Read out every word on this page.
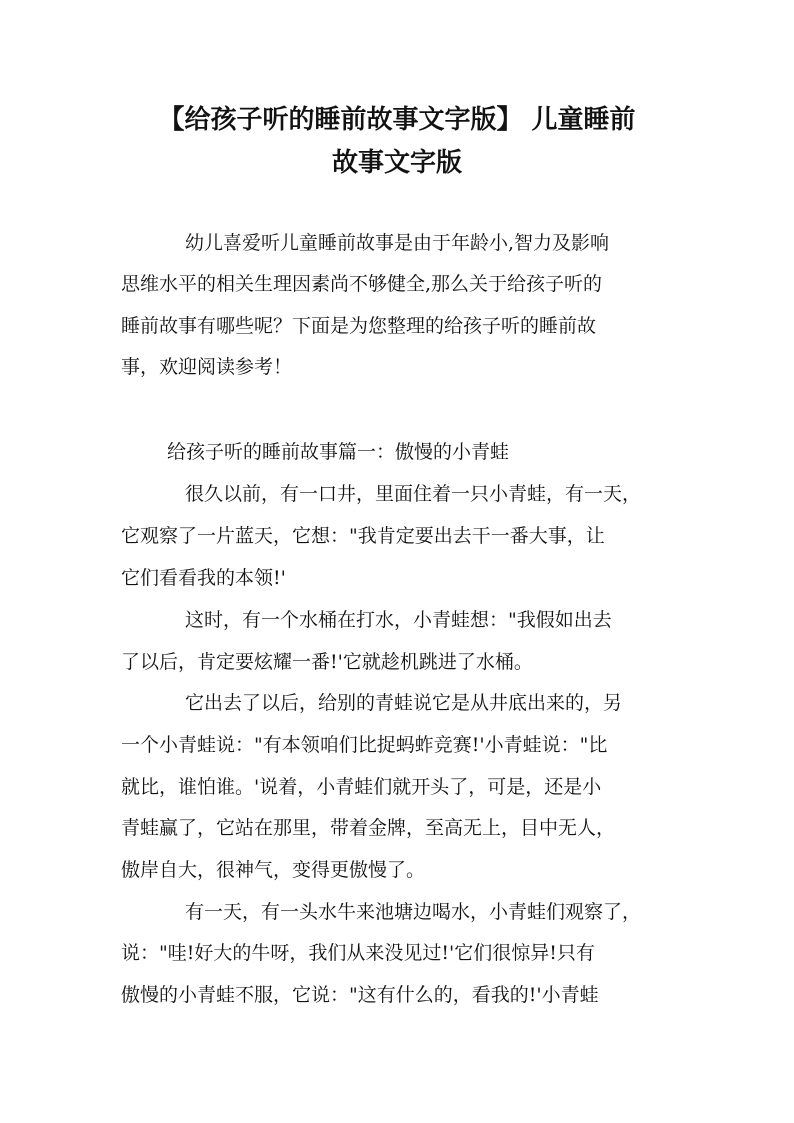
【给孩子听的睡前故事文字版】 儿童睡前
故事文字版

幼儿喜爱听儿童睡前故事是由于年龄小,智力及影响

思维水平的相关生理因素尚不够健全,那么关于给孩子听的

睡前故事有哪些呢？下面是为您整理的给孩子听的睡前故

事，欢迎阅读参考！

给孩子听的睡前故事篇一：傲慢的小青蛙

很久以前，有一口井，里面住着一只小青蛙，有一天，

它观察了一片蓝天，它想："我肯定要出去干一番大事，让

它们看看我的本领!'

这时，有一个水桶在打水，小青蛙想："我假如出去

了以后，肯定要炫耀一番!'它就趁机跳进了水桶。

它出去了以后，给别的青蛙说它是从井底出来的，另

一个小青蛙说："有本领咱们比捉蚂蚱竞赛!'小青蛙说："比

就比，谁怕谁。'说着，小青蛙们就开头了，可是，还是小

青蛙赢了，它站在那里，带着金牌，至高无上，目中无人，

傲岸自大，很神气，变得更傲慢了。

有一天，有一头水牛来池塘边喝水，小青蛙们观察了，

说："哇!好大的牛呀，我们从来没见过!'它们很惊异!只有

傲慢的小青蛙不服，它说："这有什么的，看我的!'小青蛙
